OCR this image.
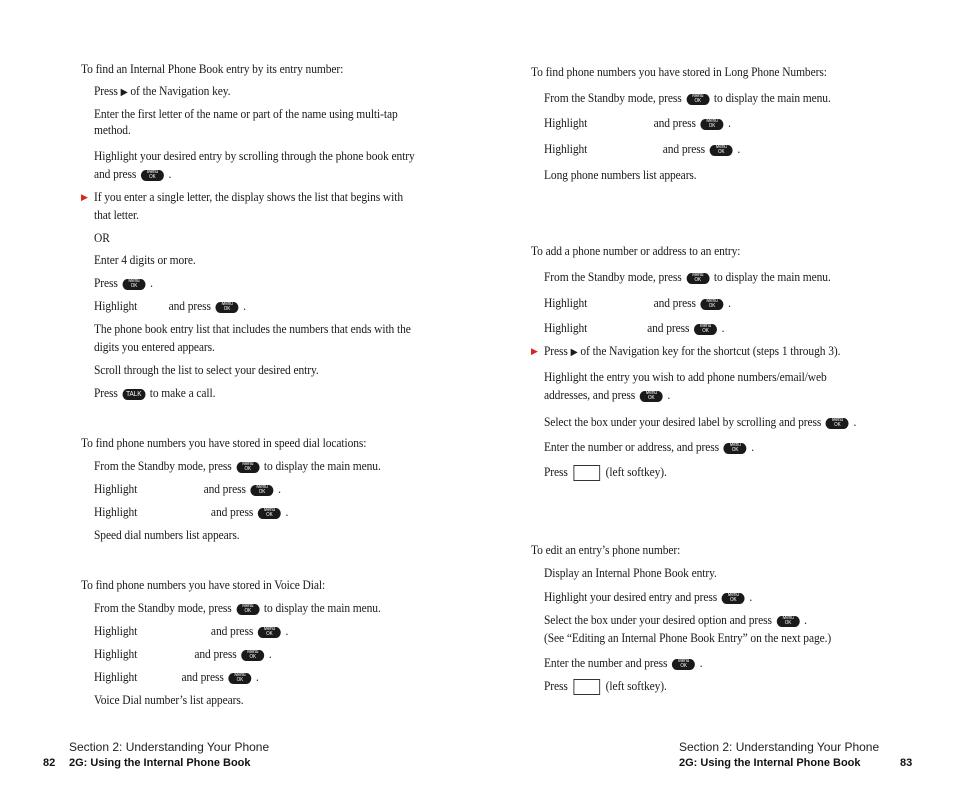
To find an Internal Phone Book entry by its entry number:
Press ▶ of the Navigation key.
Enter the first letter of the name or part of the name using multi-tap method.
Highlight your desired entry by scrolling through the phone book entry
and press	Menu
OK	.
▶ If you enter a single letter, the display shows the list that begins with
that letter.
OR
Enter 4 digits or more.
Press	Menu
OK	.
Highlight	and press	Menu
OK	.
The phone book entry list that includes the numbers that ends with the
digits you entered appears.
Scroll through the list to select your desired entry.
Press TALK to make a call.
To find phone numbers you have stored in speed dial locations:
From the Standby mode, press	Menu
OK	to display the main menu.
Highlight	and press	Menu
OK	.
Highlight	and press	Menu
OK	.
Speed dial numbers list appears.
To find phone numbers you have stored in Voice Dial:
From the Standby mode, press	Menu
OK	to display the main menu.
Highlight	and press	Menu
OK	.
Highlight	and press	Menu
OK	.
Highlight	and press	Menu
OK	.
Voice Dial number’s list appears.
Section 2: Understanding Your Phone
82 2G: Using the Internal Phone Book
To find phone numbers you have stored in Long Phone Numbers:
From the Standby mode, press	Menu
OK	to display the main menu.
Highlight	and press	Menu
OK	.
Highlight	and press	Menu
OK	.
Long phone numbers list appears.
To add a phone number or address to an entry:
From the Standby mode, press	Menu
OK	to display the main menu.
Highlight	and press	Menu
OK	.
Highlight	and press	Menu
OK	.
▶ Press ▶ of the Navigation key for the shortcut (steps 1 through 3).
Highlight the entry you wish to add phone numbers/email/web
addresses, and press	Menu
OK	.
Select the box under your desired label by scrolling and press	Menu
OK	.
Enter the number or address, and press	Menu
OK	.
Press	(left softkey).
To edit an entry’s phone number:
Display an Internal Phone Book entry.
Highlight your desired entry and press	Menu
OK	.
Select the box under your desired option and press	Menu
OK	.
(See “Editing an Internal Phone Book Entry” on the next page.)
Enter the number and press	Menu
OK	.
Press	(left softkey).
Section 2: Understanding Your Phone
2G: Using the Internal Phone Book	83
